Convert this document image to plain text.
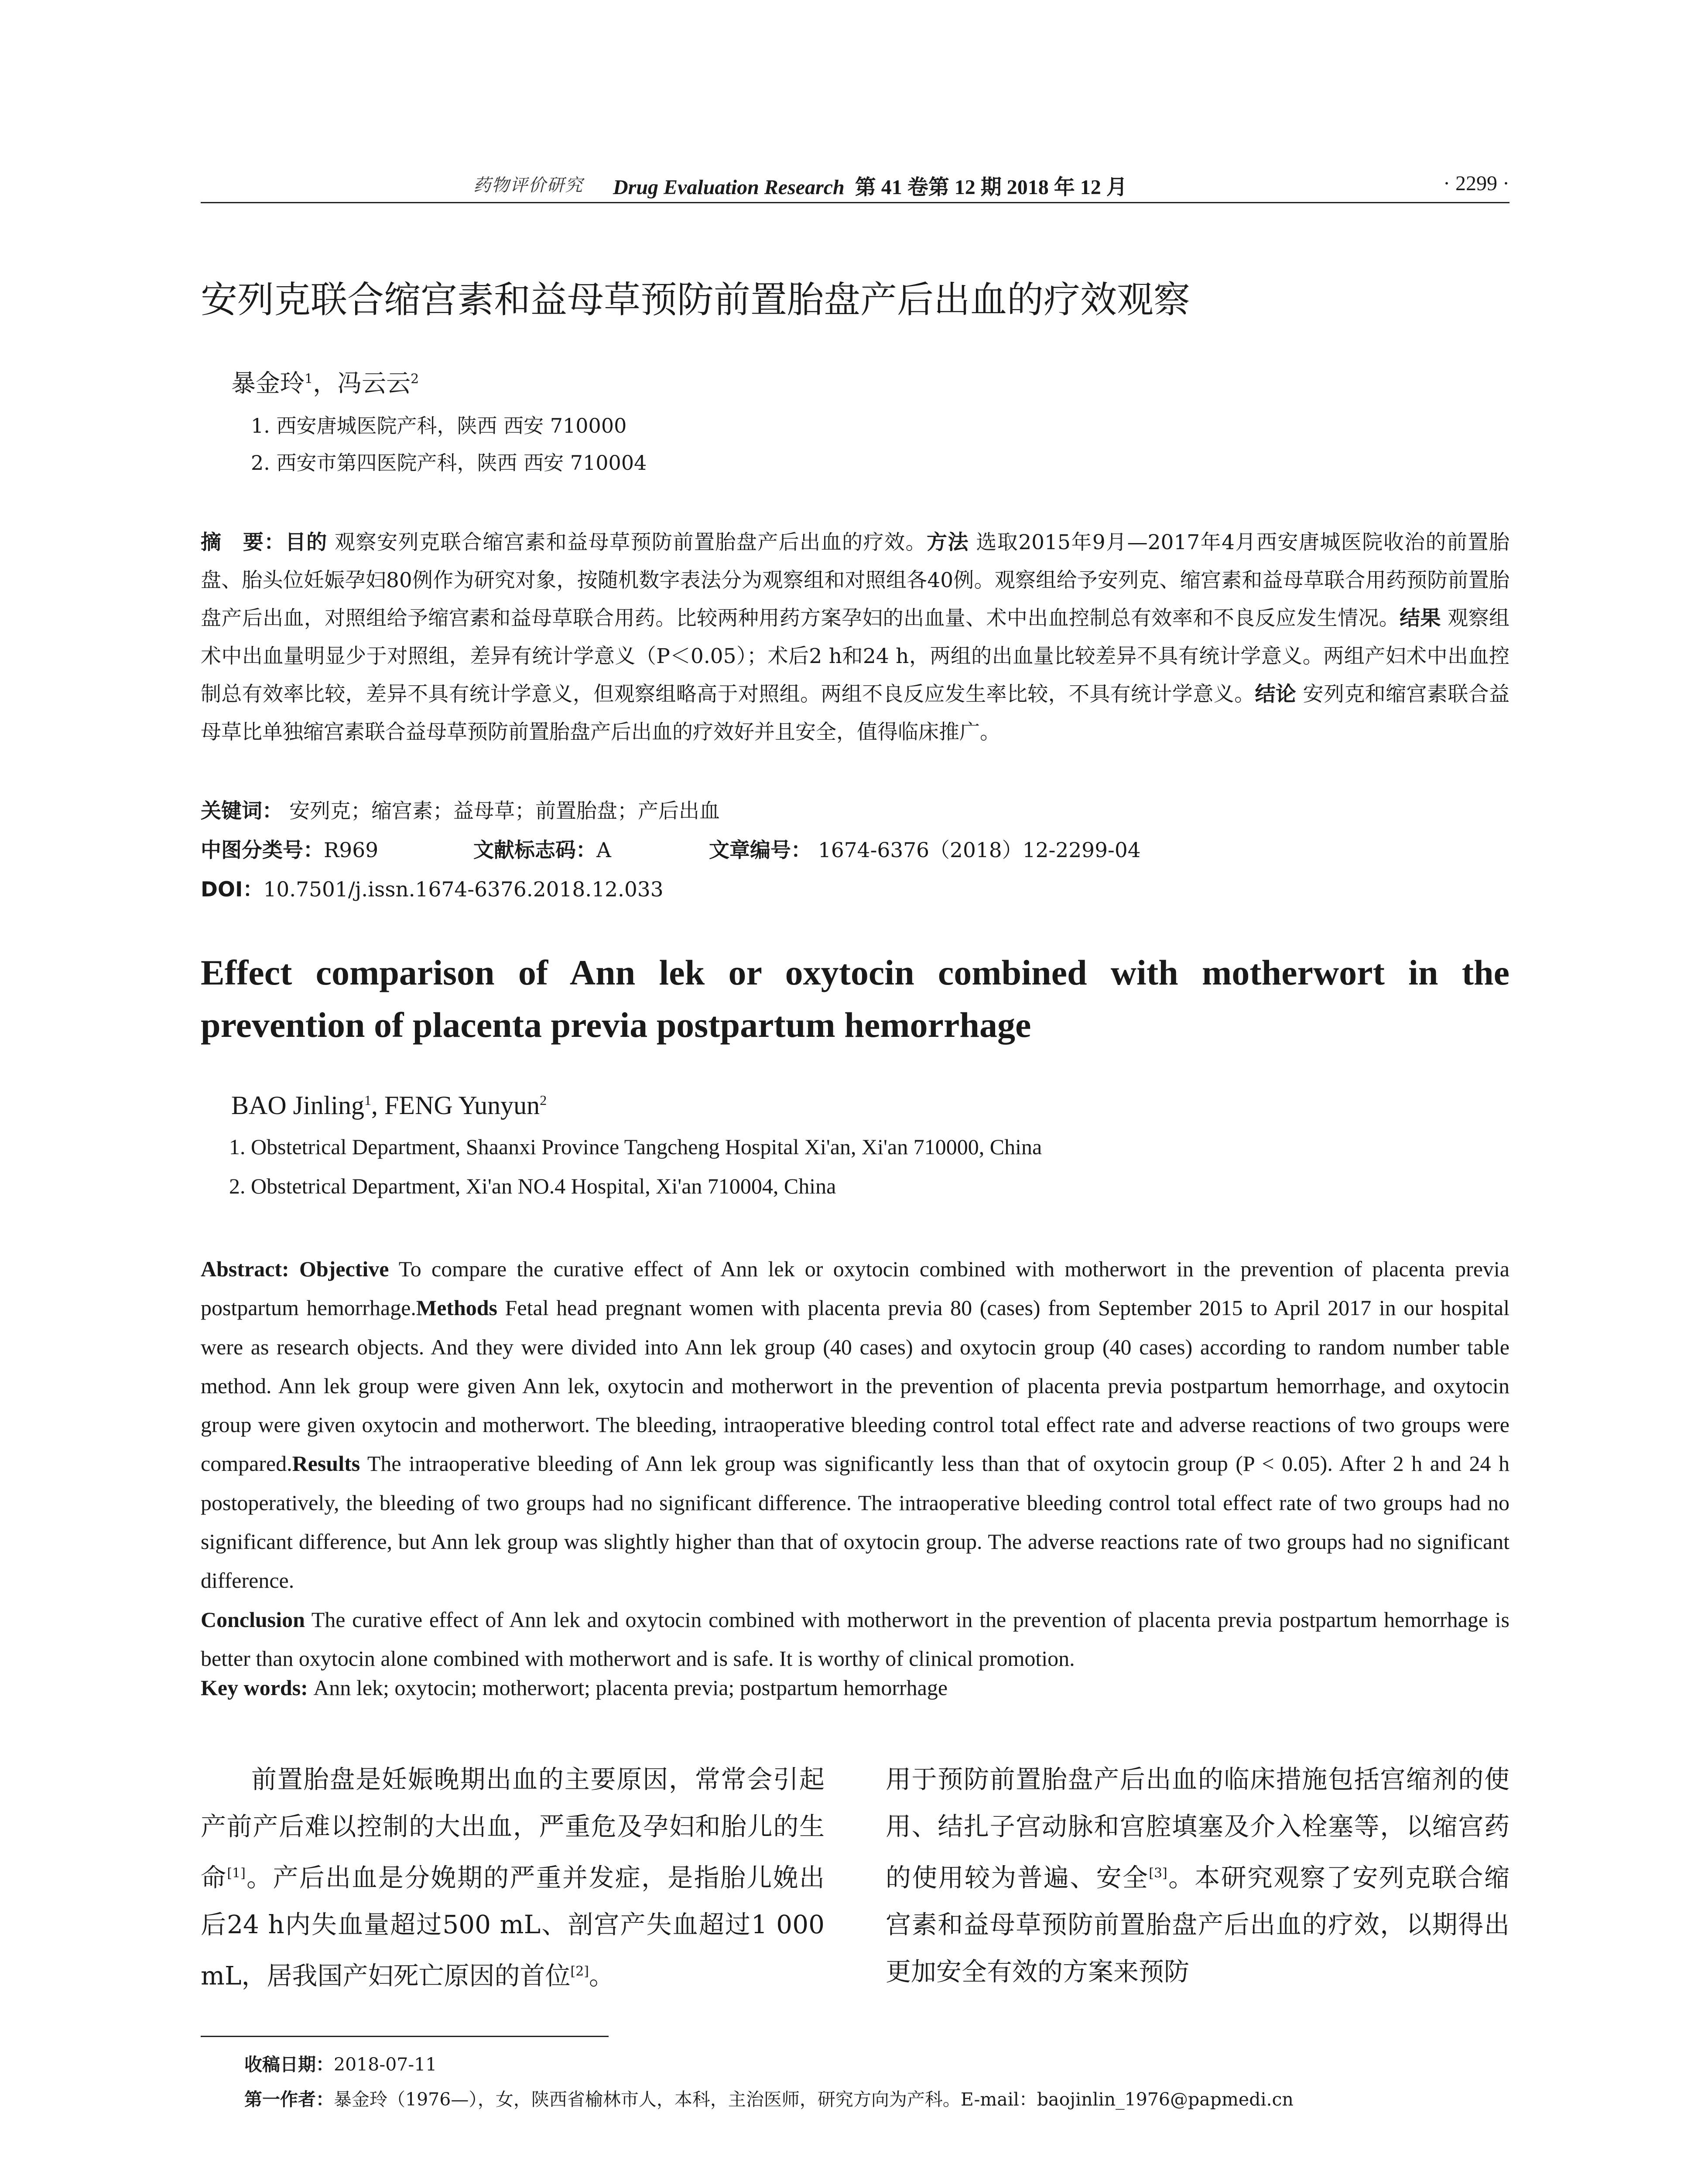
药物评价研究 Drug Evaluation Research 第 41 卷第 12 期 2018 年 12 月	· 2299 ·
安列克联合缩宫素和益母草预防前置胎盘产后出血的疗效观察
暴金玲$^1$，冯云云$^2$
1. 西安唐城医院产科，陕西 西安 710000
2. 西安市第四医院产科，陕西 西安 710004
摘　要：目的 观察安列克联合缩宫素和益母草预防前置胎盘产后出血的疗效。方法 选取2015年9月—2017年4月西安唐城医院收治的前置胎盘、胎头位妊娠孕妇80例作为研究对象，按随机数字表法分为观察组和对照组各40例。观察组给予安列克、缩宫素和益母草联合用药预防前置胎盘产后出血，对照组给予缩宫素和益母草联合用药。比较两种用药方案孕妇的出血量、术中出血控制总有效率和不良反应发生情况。结果 观察组术中出血量明显少于对照组，差异有统计学意义（P＜0.05）；术后2 h和24 h，两组的出血量比较差异不具有统计学意义。两组产妇术中出血控制总有效率比较，差异不具有统计学意义，但观察组略高于对照组。两组不良反应发生率比较，不具有统计学意义。结论 安列克和缩宫素联合益母草比单独缩宫素联合益母草预防前置胎盘产后出血的疗效好并且安全，值得临床推广。
关键词： 安列克；缩宫素；益母草；前置胎盘；产后出血
中图分类号：R969	文献标志码：A	文章编号： 1674-6376（2018）12-2299-04
DOI：10.7501/j.issn.1674-6376.2018.12.033
Effect comparison of Ann lek or oxytocin combined with motherwort in the prevention of placenta previa postpartum hemorrhage
BAO Jinling$^1$, FENG Yunyun$^2$
1. Obstetrical Department, Shaanxi Province Tangcheng Hospital Xi'an, Xi'an 710000, China
2. Obstetrical Department, Xi'an NO.4 Hospital, Xi'an 710004, China
Abstract: Objective To compare the curative effect of Ann lek or oxytocin combined with motherwort in the prevention of placenta previa postpartum hemorrhage.Methods Fetal head pregnant women with placenta previa 80 (cases) from September 2015 to April 2017 in our hospital were as research objects. And they were divided into Ann lek group (40 cases) and oxytocin group (40 cases) according to random number table method. Ann lek group were given Ann lek, oxytocin and motherwort in the prevention of placenta previa postpartum hemorrhage, and oxytocin group were given oxytocin and motherwort. The bleeding, intraoperative bleeding control total effect rate and adverse reactions of two groups were compared.Results The intraoperative bleeding of Ann lek group was significantly less than that of oxytocin group (P < 0.05). After 2 h and 24 h postoperatively, the bleeding of two groups had no significant difference. The intraoperative bleeding control total effect rate of two groups had no significant difference, but Ann lek group was slightly higher than that of oxytocin group. The adverse reactions rate of two groups had no significant difference.
Conclusion The curative effect of Ann lek and oxytocin combined with motherwort in the prevention of placenta previa postpartum hemorrhage is better than oxytocin alone combined with motherwort and is safe. It is worthy of clinical promotion.
Key words: Ann lek; oxytocin; motherwort; placenta previa; postpartum hemorrhage
前置胎盘是妊娠晚期出血的主要原因，常常会引起产前产后难以控制的大出血，严重危及孕妇和胎儿的生命[1]。产后出血是分娩期的严重并发症，是指胎儿娩出后24 h内失血量超过500 mL、剖宫产失血超过1 000 mL，居我国产妇死亡原因的首位[2]。
用于预防前置胎盘产后出血的临床措施包括宫缩剂的使用、结扎子宫动脉和宫腔填塞及介入栓塞等，以缩宫药的使用较为普遍、安全[3]。本研究观察了安列克联合缩宫素和益母草预防前置胎盘产后出血的疗效，以期得出更加安全有效的方案来预防
收稿日期：2018-07-11
第一作者：暴金玲（1976—），女，陕西省榆林市人，本科，主治医师，研究方向为产科。E-mail：baojinlin_1976@papmedi.cn
